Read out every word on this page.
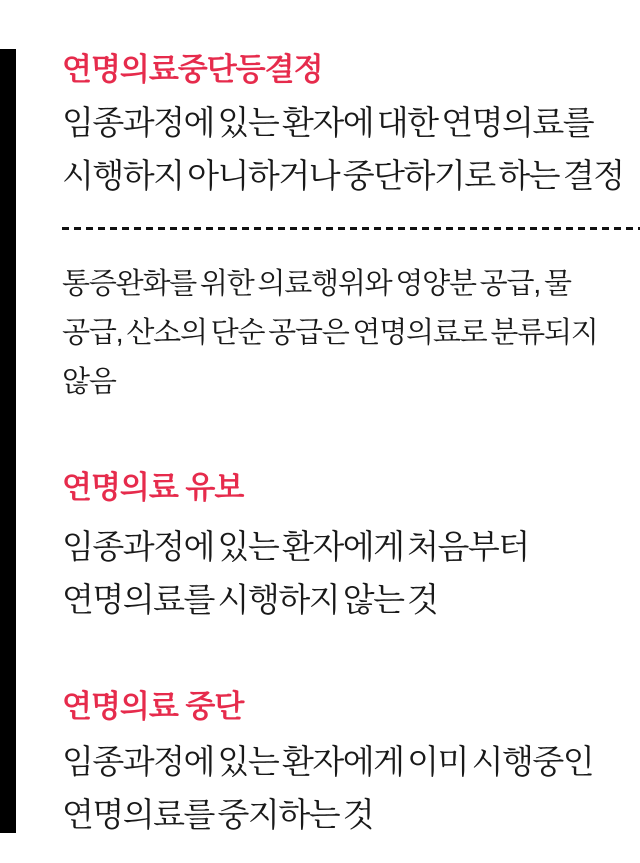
연명의료중단등결정

임종과정에 있는 환자에 대한 연명의료를
시행하지 아니하거나 중단하기로 하는 결정

통증완화를 위한 의료행위와 영양분 공급, 물
공급, 산소의 단순 공급은 연명의료로 분류되지
않음

연명의료 유보

임종과정에 있는 환자에게 처음부터
연명의료를 시행하지 않는 것

연명의료 중단

임종과정에 있는 환자에게 이미 시행중인
연명의료를 중지하는 것
